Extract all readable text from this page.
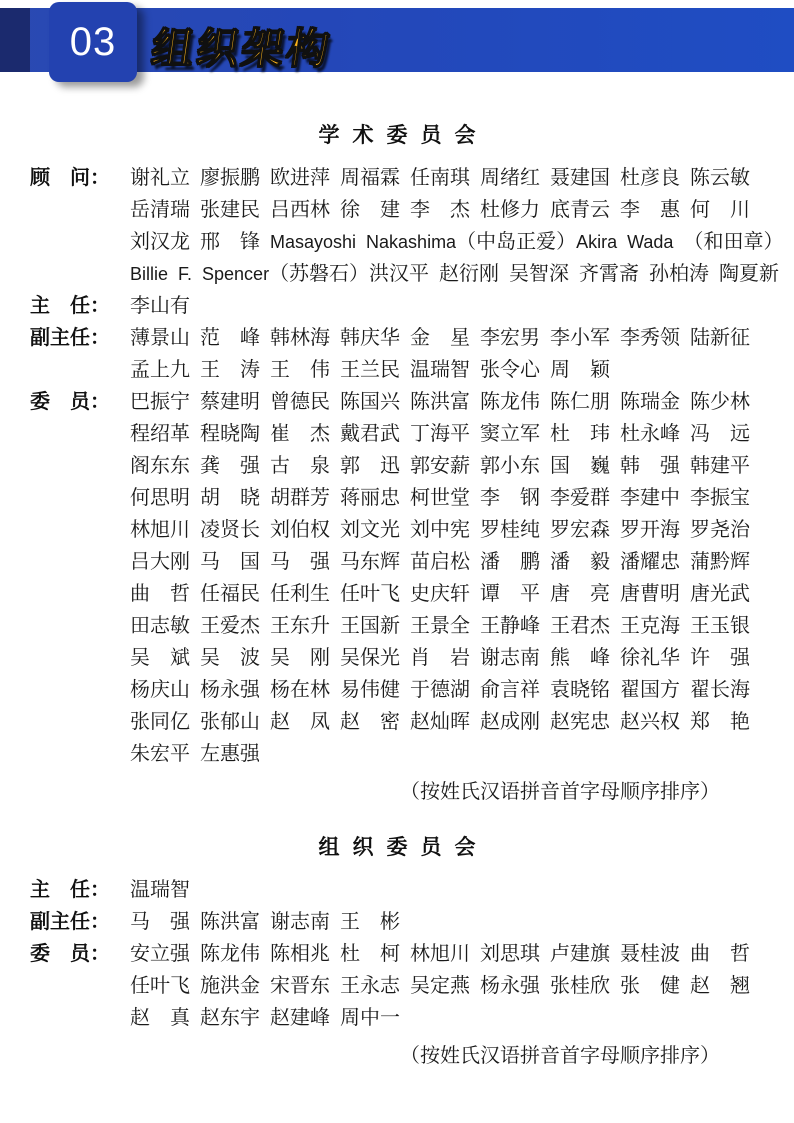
03 组织架构
学术委员会
顾　问：	谢礼立 廖振鹏 欧进萍 周福霖 任南琪 周绪红 聂建国 杜彦良 陈云敏
岳清瑞 张建民 吕西林 徐　建 李　杰 杜修力 底青云 李　惠 何　川
刘汉龙 邢　锋 Masayoshi Nakashima（中岛正爱）Akira Wada （和田章）
Billie F. Spencer（苏磐石）洪汉平 赵衍刚 吴智深 齐霄斋 孙柏涛 陶夏新
主　任：	李山有
副主任：	薄景山 范　峰 韩林海 韩庆华 金　星 李宏男 李小军 李秀领 陆新征
孟上九 王　涛 王　伟 王兰民 温瑞智 张令心 周　颖
委　员：	巴振宁 蔡建明 曾德民 陈国兴 陈洪富 陈龙伟 陈仁朋 陈瑞金 陈少林
程绍革 程晓陶 崔　杰 戴君武 丁海平 窦立军 杜　玮 杜永峰 冯　远
阁东东 龚　强 古　泉 郭　迅 郭安薪 郭小东 国　巍 韩　强 韩建平
何思明 胡　晓 胡群芳 蒋丽忠 柯世堂 李　钢 李爱群 李建中 李振宝
林旭川 凌贤长 刘伯权 刘文光 刘中宪 罗桂纯 罗宏森 罗开海 罗尧治
吕大刚 马　国 马　强 马东辉 苗启松 潘　鹏 潘　毅 潘耀忠 蒲黔辉
曲　哲 任福民 任利生 任叶飞 史庆轩 谭　平 唐　亮 唐曹明 唐光武
田志敏 王爱杰 王东升 王国新 王景全 王静峰 王君杰 王克海 王玉银
吴　斌 吴　波 吴　刚 吴保光 肖　岩 谢志南 熊　峰 徐礼华 许　强
杨庆山 杨永强 杨在林 易伟健 于德湖 俞言祥 袁晓铭 翟国方 翟长海
张同亿 张郁山 赵　凤 赵　密 赵灿晖 赵成刚 赵宪忠 赵兴权 郑　艳
朱宏平 左惠强
（按姓氏汉语拼音首字母顺序排序）
组织委员会
主　任：	温瑞智
副主任：	马　强 陈洪富 谢志南 王　彬
委　员：	安立强 陈龙伟 陈相兆 杜　柯 林旭川 刘思琪 卢建旗 聂桂波 曲　哲
任叶飞 施洪金 宋晋东 王永志 吴定燕 杨永强 张桂欣 张　健 赵　翘
赵　真 赵东宇 赵建峰 周中一
（按姓氏汉语拼音首字母顺序排序）
